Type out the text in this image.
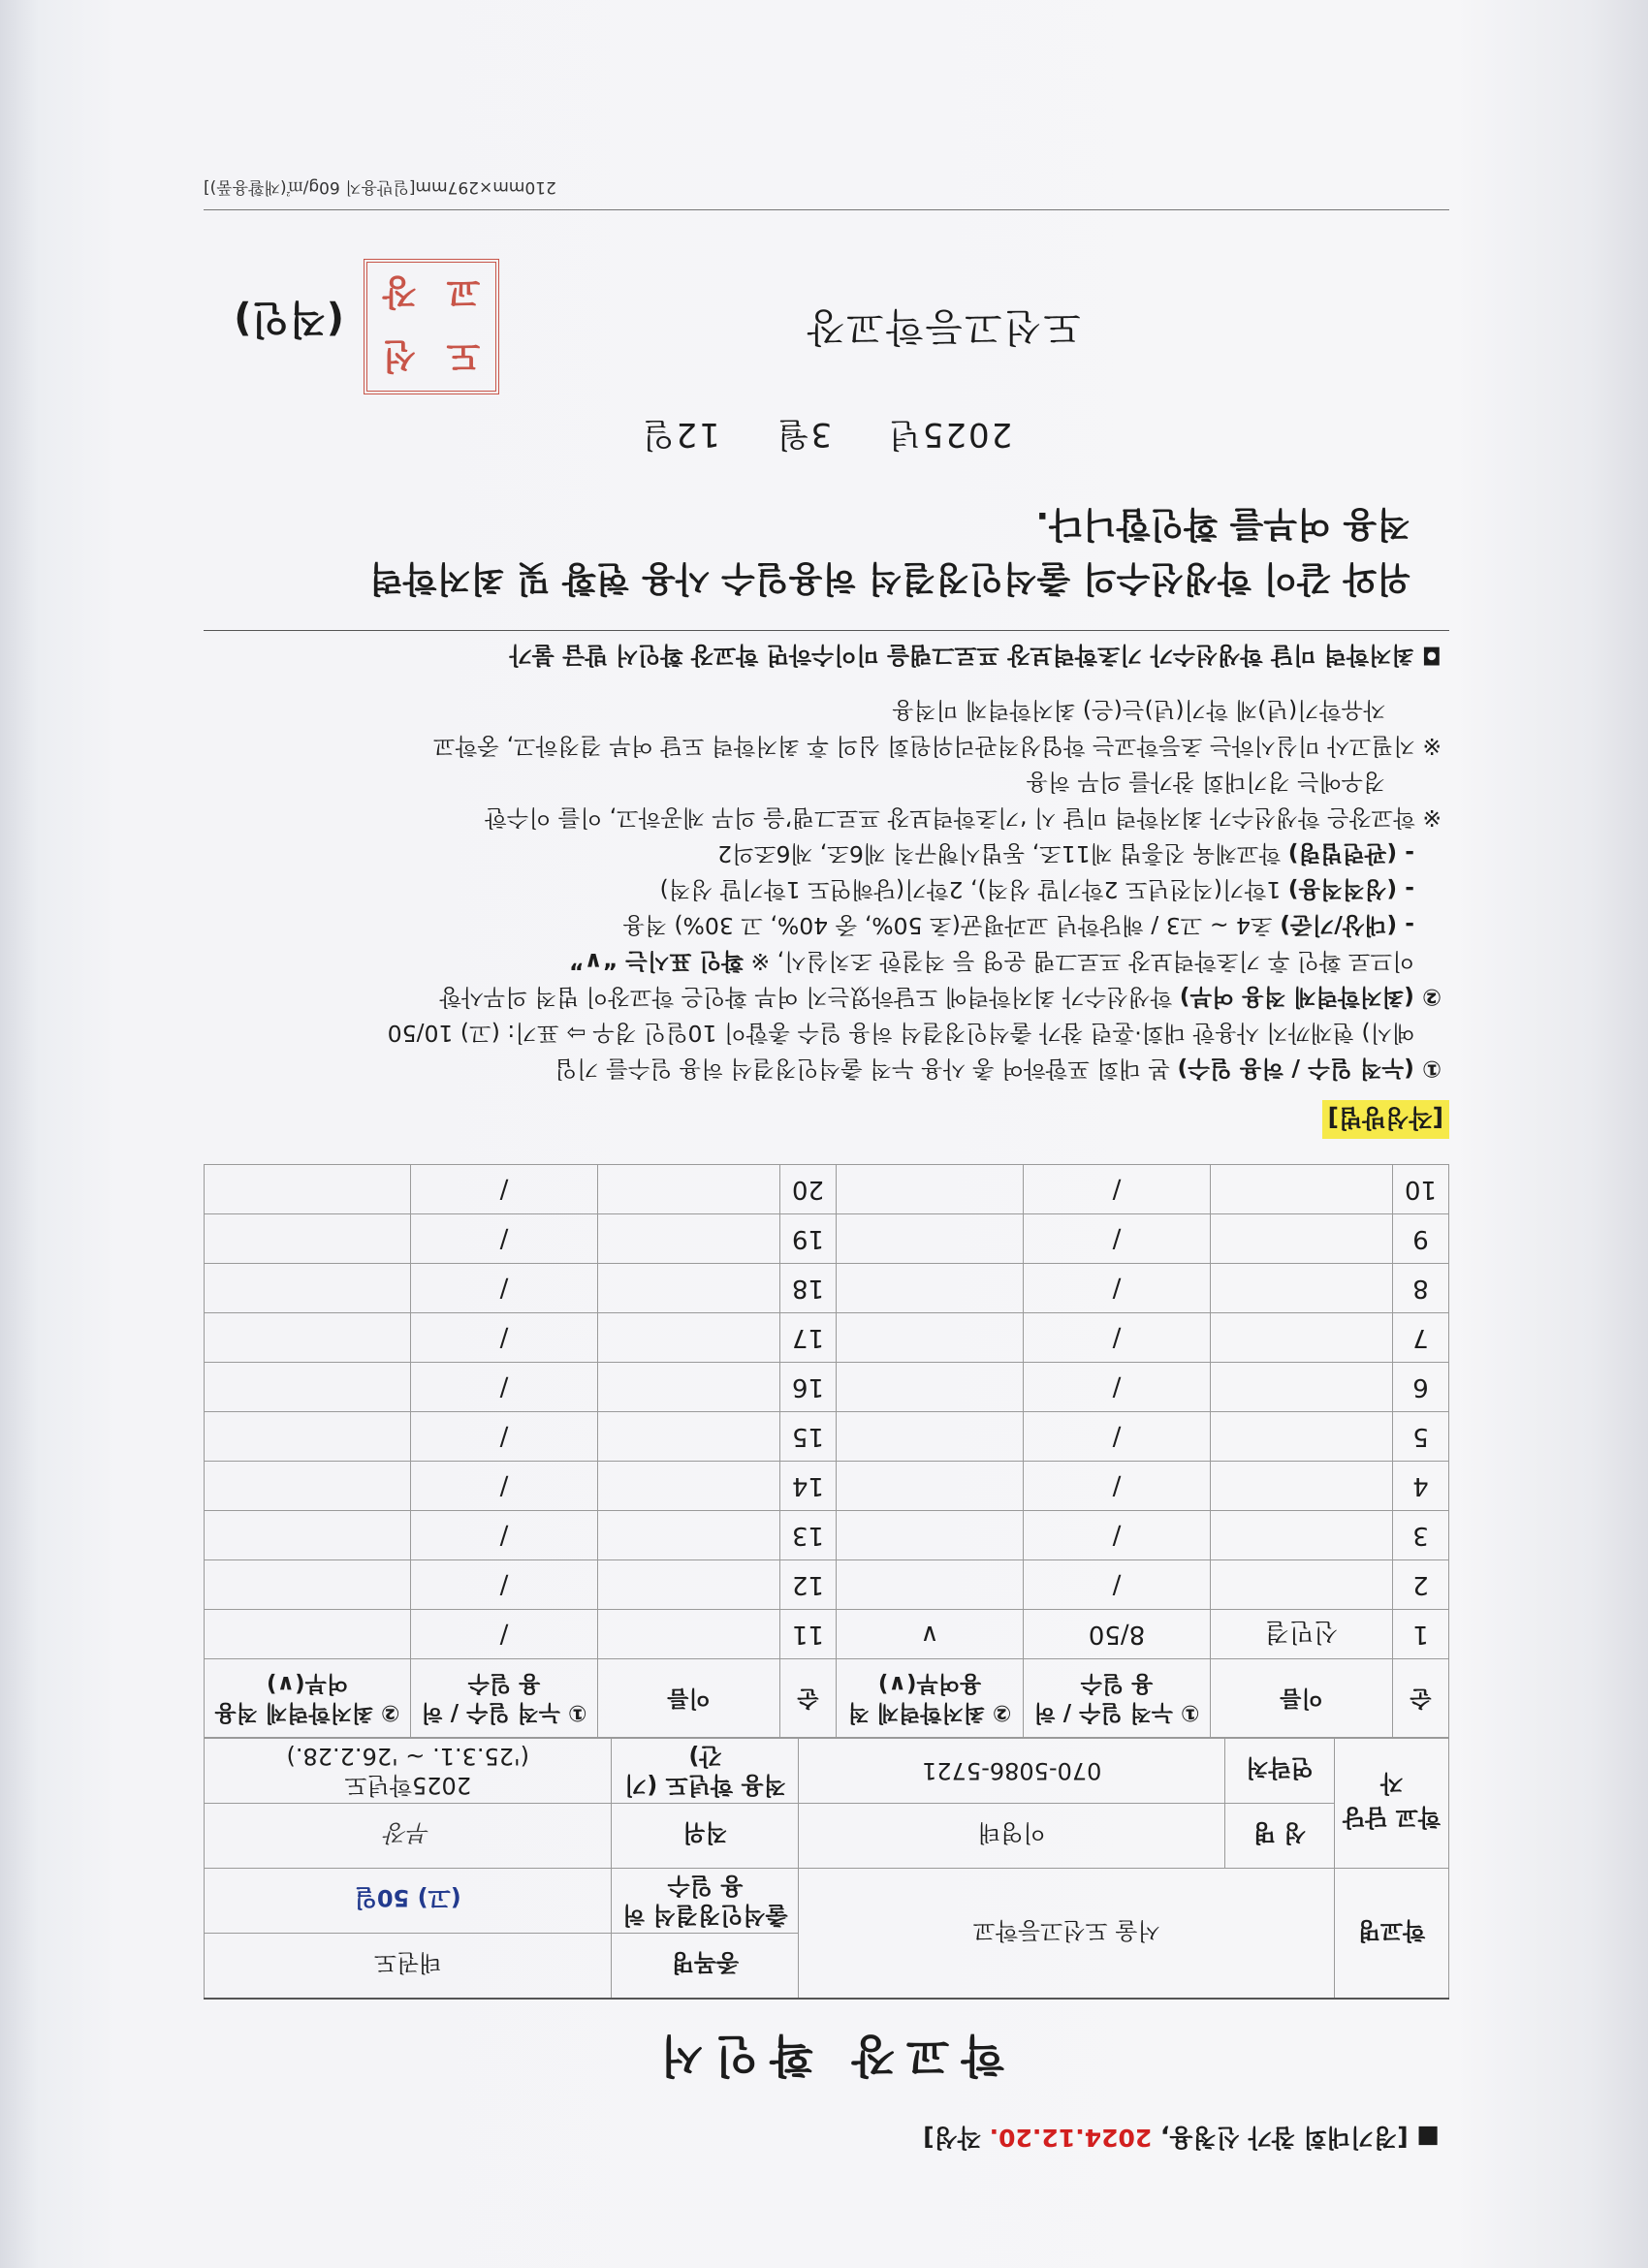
■ [경기대회 참가 신청용, 2024.12.20. 작성]
학교장 확인서
학교명	서울 도선고등학교		종목명	태권도
			출석인정결석 허용 일수	(고) 50일
학교 담당자	성 명	이영태	직위	부장
	연락처	070-5086-5721	적용 학년도 (기간)	2025학년도
('25.3.1. ~ '26.2.28.)
순	이름	① 누적 일수 / 허용 일수	② 최저학력제 적용여부(∨)	순	이름	① 누적 일수 / 허용 일수	② 최저학력제 적용여부(∨)
1	신민결	8/50	∨	11		/	
2		/		12		/	
3		/		13		/	
4		/		14		/	
5		/		15		/	
6		/		16		/	
7		/		17		/	
8		/		18		/	
9		/		19		/	
10		/		20		/	
[작성방법]

① (누적 일수 / 허용 일수) 본 대회 포함하여 총 사용 누적 출석인정결석 허용 일수를 기입

예시) 현재까지 사용한 대회·훈련 참가 출석인정결석 허용 일수 총합이 10일인 경우 ⇨ 표기: (고) 10/50

② (최저학력제 적용 여부) 학생선수가 최저학력에 도달하였는지 여부 확인은 학교장이 법적 의무사항

이므로 확인 후 기초학력보장 프로그램 운영 등 적절한 조치실시, ※ 확인 표시는 “∨”

- (대상/기준) 초4 ~ 고3 / 해당학년 교과평균(초 50%, 중 40%, 고 30%) 적용

- (성적적용) 1학기(직전년도 2학기말 성적), 2학기(당해연도 1학기말 성적)

- (관련법령) 학교체육 진흥법 제11조, 동법시행규칙 제6조, 제6조의2

※ 학교장은 학생선수가 최저학력 미달 시 ‘기초학력보장 프로그램’을 의무 제공하고, 이를 이수한

경우에는 경기대회 참가를 의무 허용

※ 지필고사 미실시하는 초등학교는 학업성적관리위원회 심의 후 최저학력 도달 여부 결정하고, 중학교

자유학기(년)제 학기(년)는(은) 최저학력제 미적용

◘ 최저학력 미달 학생선수가 기초학력보장 프로그램을 미이수하면 학교장 확인서 발급 불가
위와 같이 학생선수의 출석인정결석 허용일수 사용 현황 및 최저학력
적용 여부를 확인합니다.
2025년 3월 12일
도선고등학교장
도
선
교
장
(직인)
210mm×297mm[일반용지 60g/㎡(재활용품)]
